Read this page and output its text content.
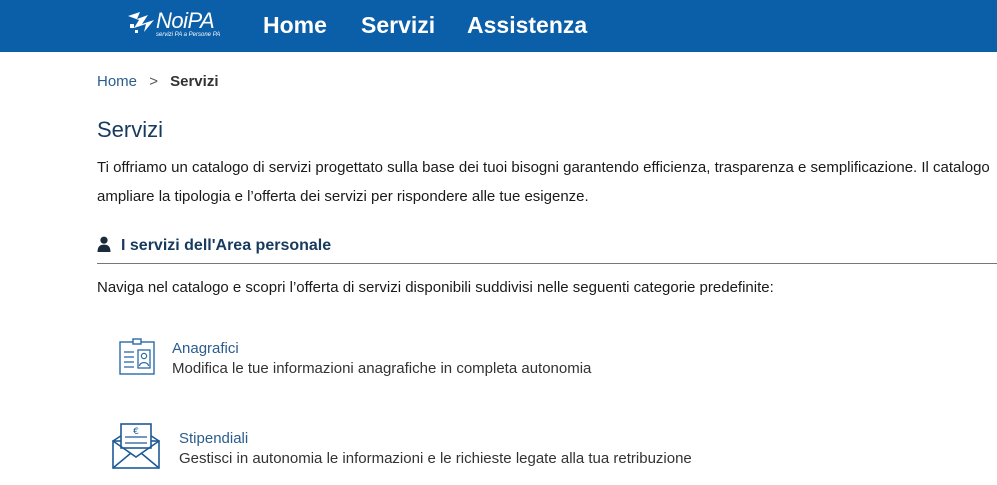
NoiPA
servizi PA a Persone PA Home Servizi Assistenza
Home > Servizi
Servizi
Ti offriamo un catalogo di servizi progettato sulla base dei tuoi bisogni garantendo efficienza, trasparenza e semplificazione. Il catalogo ampliare la tipologia e l’offerta dei servizi per rispondere alle tue esigenze.
I servizi dell'Area personale
Naviga nel catalogo e scopri l’offerta di servizi disponibili suddivisi nelle seguenti categorie predefinite:
Anagrafici
Modifica le tue informazioni anagrafiche in completa autonomia
€	Stipendiali
Gestisci in autonomia le informazioni e le richieste legate alla tua retribuzione
